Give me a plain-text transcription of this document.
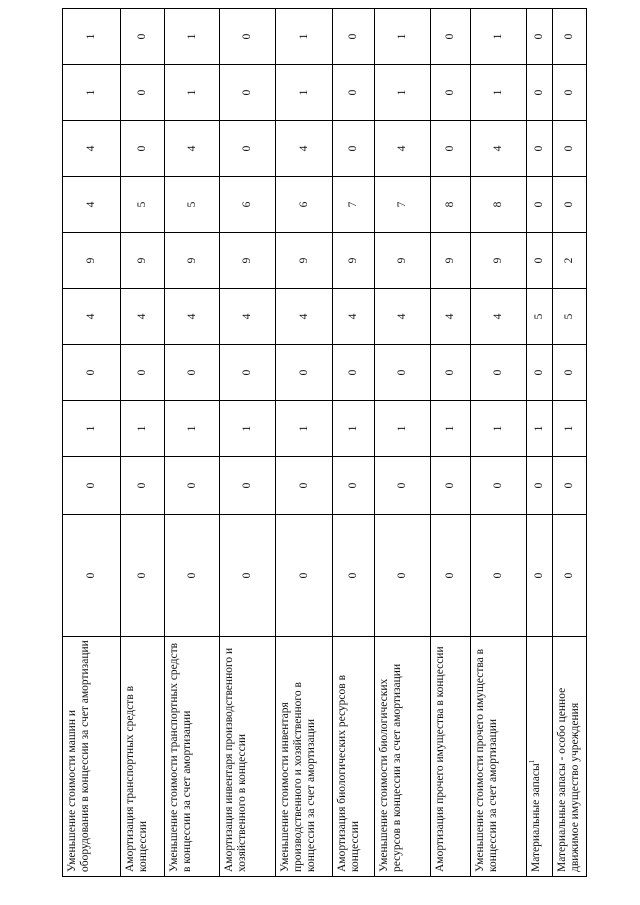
Уменьшение стоимости машин и оборудования в концессии за счет амортизации	0	0	1	0	4	9	4	4	1	1
Амортизация транспортных средств в концессии	0	0	1	0	4	9	5	0	0	0
Уменьшение стоимости транспортных средств в концессии за счет амортизации	0	0	1	0	4	9	5	4	1	1
Амортизация инвентаря производственного и хозяйственного в концессии	0	0	1	0	4	9	6	0	0	0
Уменьшение стоимости инвентаря производственного и хозяйственного в концессии за счет амортизации	0	0	1	0	4	9	6	4	1	1
Амортизация биологических ресурсов в концессии	0	0	1	0	4	9	7	0	0	0
Уменьшение стоимости биологических ресурсов в концессии за счет амортизации	0	0	1	0	4	9	7	4	1	1
Амортизация прочего имущества в концессии	0	0	1	0	4	9	8	0	0	0
Уменьшение стоимости прочего имущества в концессии за счет амортизации	0	0	1	0	4	9	8	4	1	1
Материальные запасы$^1$	0	0	1	0	5	0	0	0	0	0
Материальные запасы - особо ценное движимое имущество учреждения	0	0	1	0	5	2	0	0	0	0
